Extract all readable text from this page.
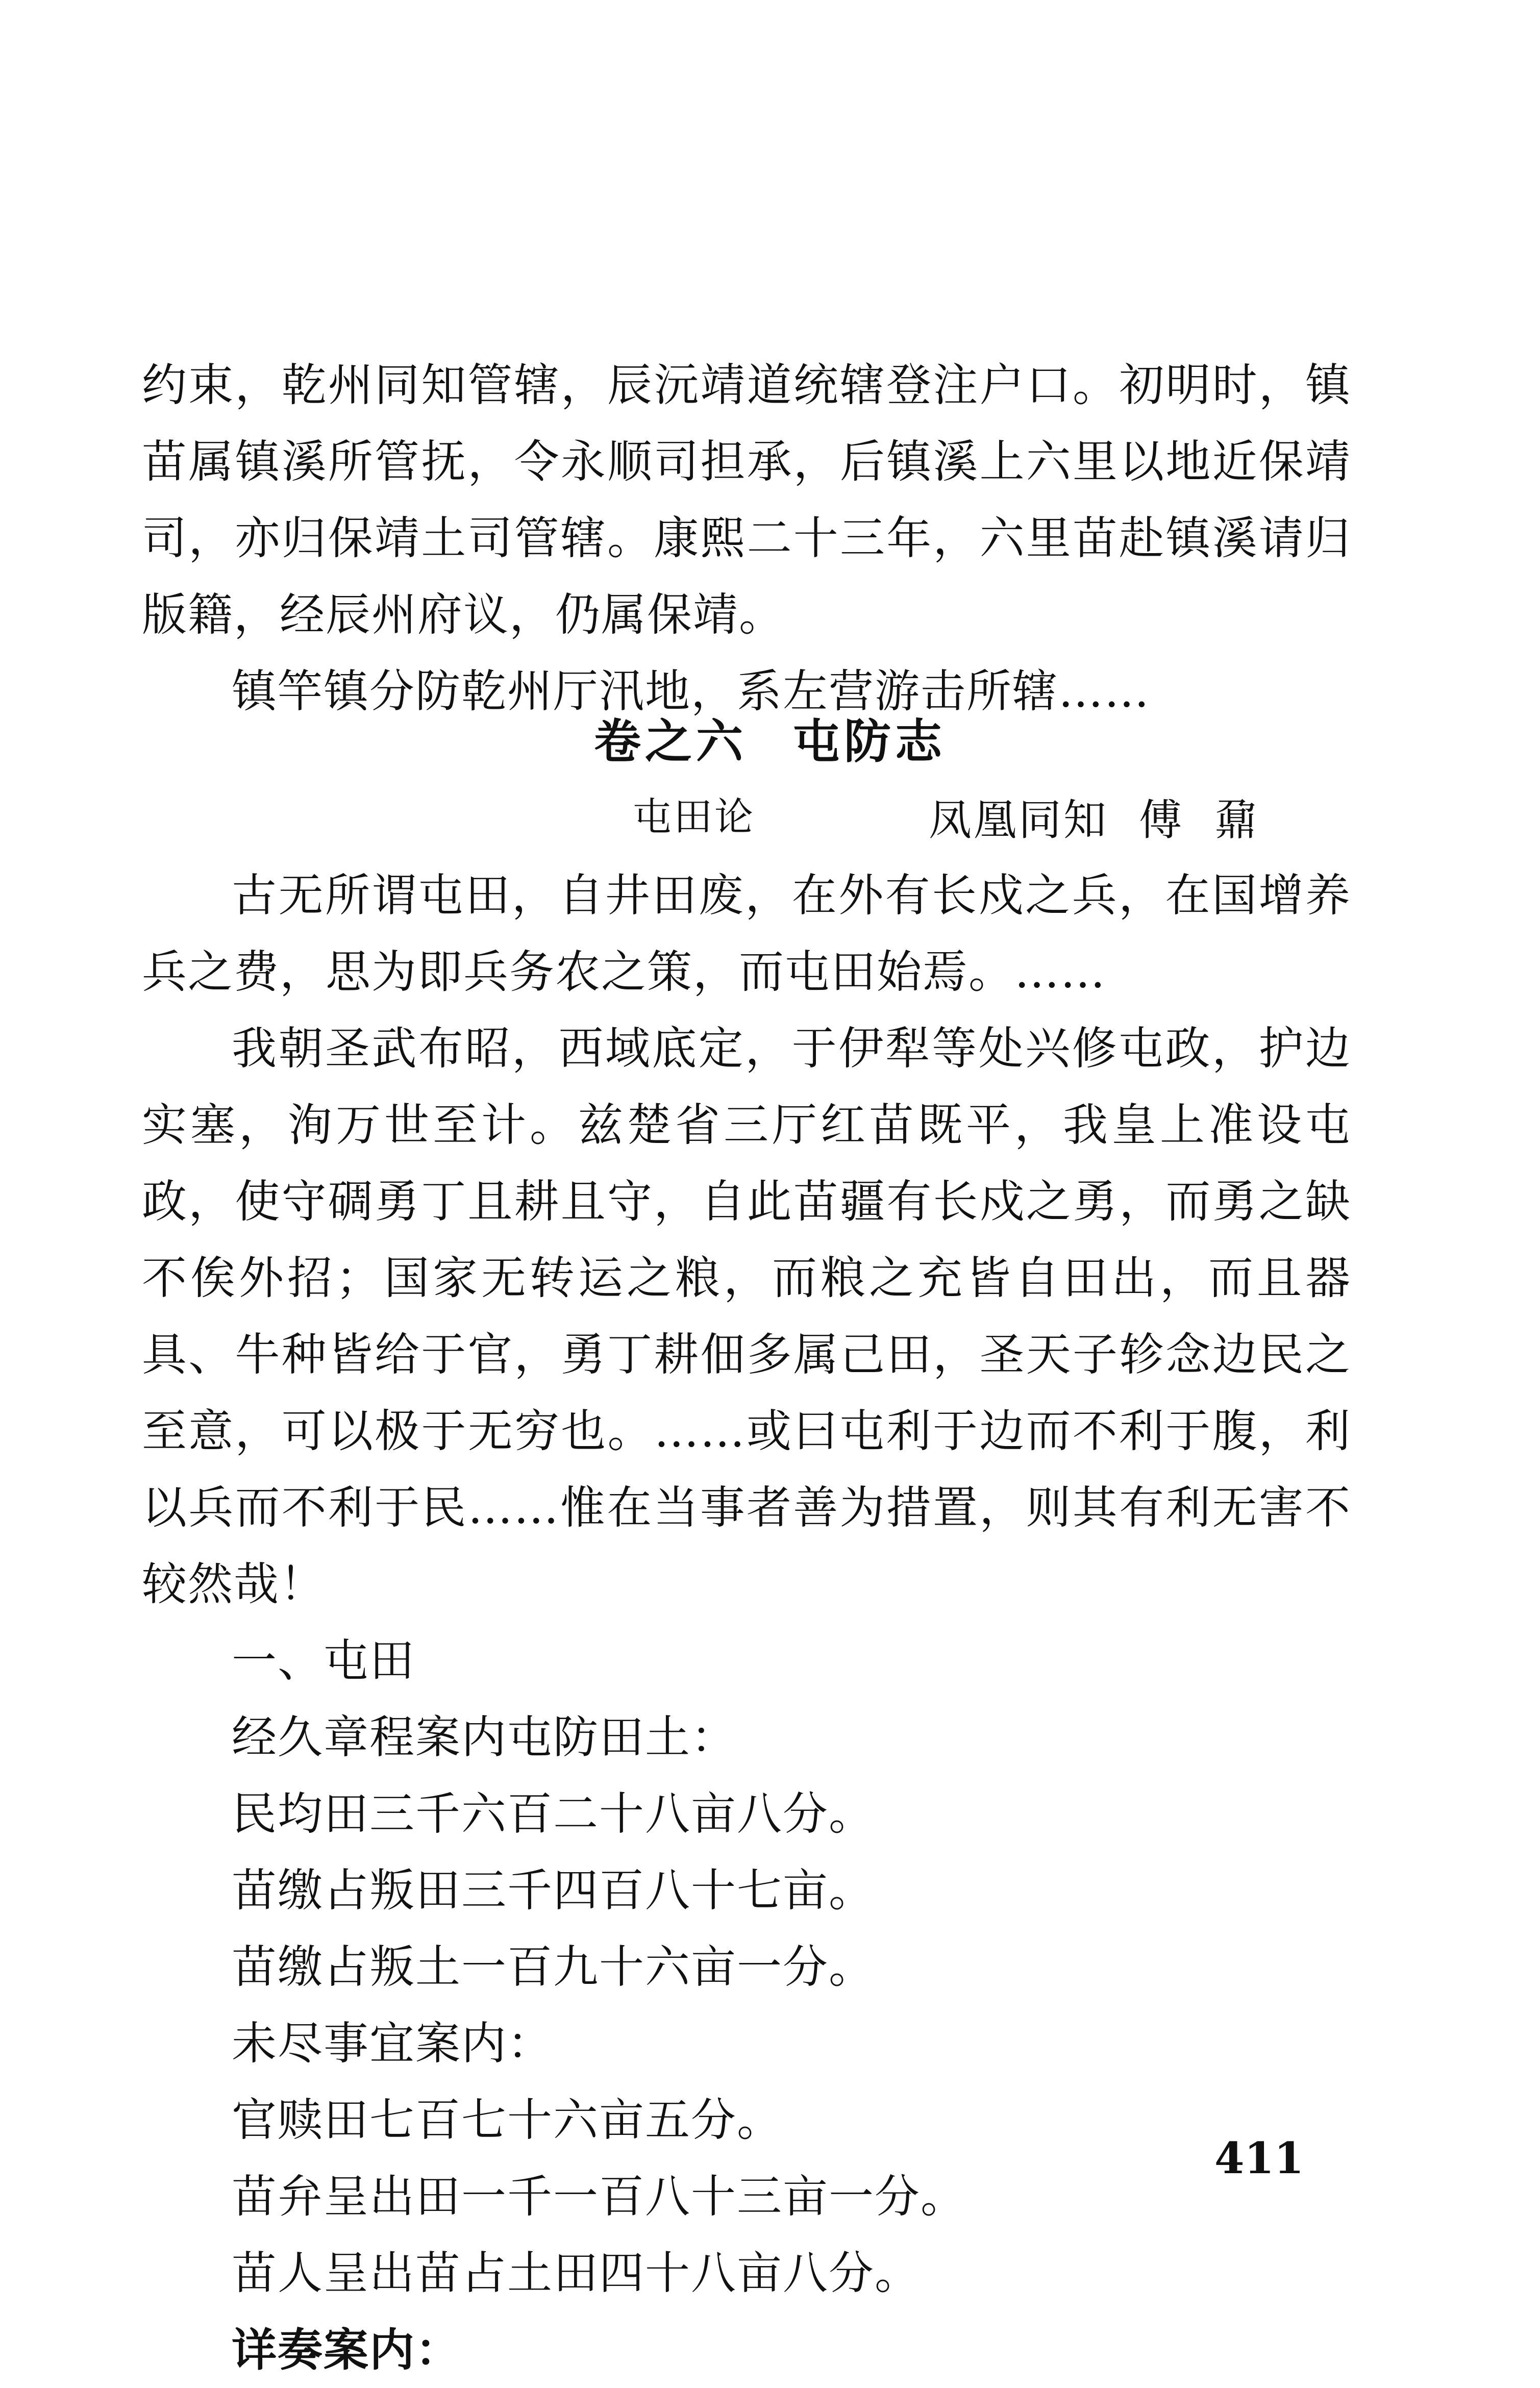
约束，乾州同知管辖，辰沅靖道统辖登注户口。初明时，镇苗属镇溪所管抚，令永顺司担承，后镇溪上六里以地近保靖司，亦归保靖土司管辖。康熙二十三年，六里苗赴镇溪请归版籍，经辰州府议，仍属保靖。

镇竿镇分防乾州厅汛地，系左营游击所辖……

卷之六 屯防志
屯田论	凤凰同知 傅 鼐

古无所谓屯田，自井田废，在外有长戍之兵，在国增养兵之费，思为即兵务农之策，而屯田始焉。……

我朝圣武布昭，西域底定，于伊犁等处兴修屯政，护边实塞，洵万世至计。兹楚省三厅红苗既平，我皇上准设屯政，使守碉勇丁且耕且守，自此苗疆有长戍之勇，而勇之缺不俟外招；国家无转运之粮，而粮之充皆自田出，而且器具、牛种皆给于官，勇丁耕佃多属己田，圣天子轸念边民之至意，可以极于无穷也。……或曰屯利于边而不利于腹，利以兵而不利于民……惟在当事者善为措置，则其有利无害不较然哉！

一、屯田

经久章程案内屯防田土：

民均田三千六百二十八亩八分。

苗缴占叛田三千四百八十七亩。

苗缴占叛土一百九十六亩一分。

未尽事宜案内：

官赎田七百七十六亩五分。

苗弁呈出田一千一百八十三亩一分。

苗人呈出苗占土田四十八亩八分。

详奏案内：

411
